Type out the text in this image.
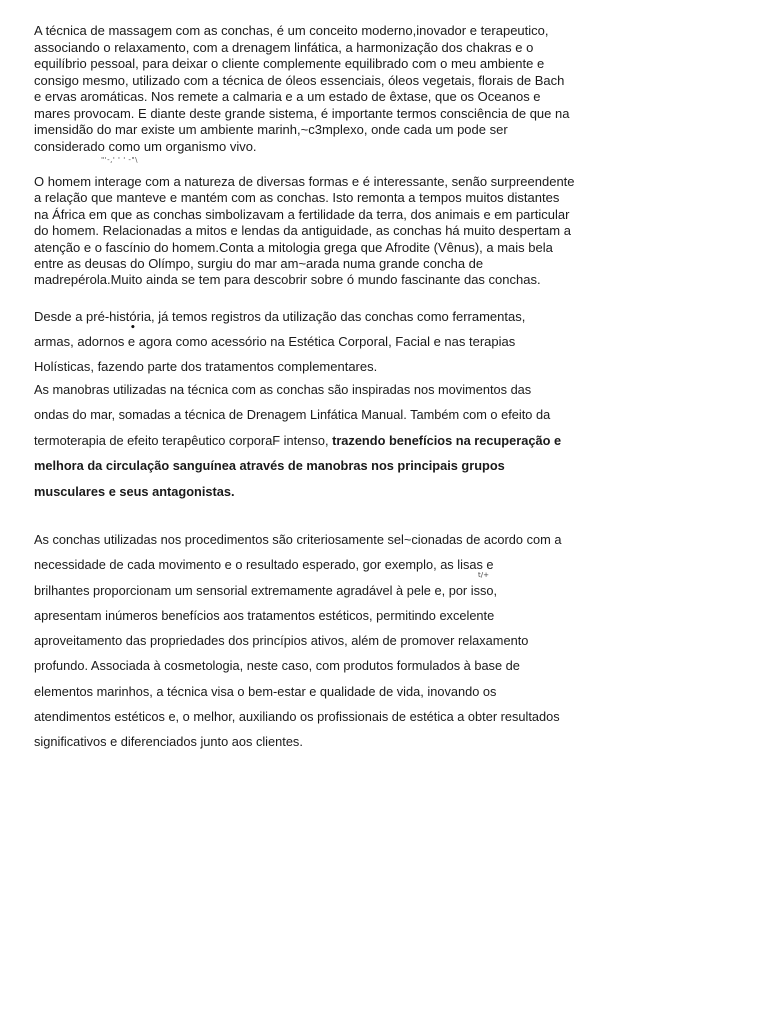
A técnica de massagem com as conchas, é um conceito moderno,inovador e terapeutico,
associando o relaxamento, com a drenagem linfática, a harmonização dos chakras e o
equilíbrio pessoal, para deixar o cliente complemente equilibrado com o meu ambiente e
consigo mesmo, utilizado com a técnica de óleos essenciais, óleos vegetais, florais de Bach
e ervas aromáticas. Nos remete a calmaria e a um estado de êxtase, que os Oceanos e
mares provocam. E diante deste grande sistema, é importante termos consciência de que na
imensidão do mar existe um ambiente marinh,~c3mplexo, onde cada um pode ser
considerado como um organismo vivo.

"'-,' ' ' -"\

O homem interage com a natureza de diversas formas e é interessante, senão surpreendente
a relação que manteve e mantém com as conchas. Isto remonta a tempos muitos distantes
na África em que as conchas simbolizavam a fertilidade da terra, dos animais e em particular
do homem. Relacionadas a mitos e lendas da antiguidade, as conchas há muito despertam a
atenção e o fascínio do homem.Conta a mitologia grega que Afrodite (Vênus), a mais bela
entre as deusas do Olímpo, surgiu do mar am~arada numa grande concha de
madrepérola.Muito ainda se tem para descobrir sobre ó mundo fascinante das conchas.

Desde a pré-história, já temos registros da utilização das conchas como ferramentas,
armas, adornos e agora como acessório na Estética Corporal, Facial e nas terapias
Holísticas, fazendo parte dos tratamentos complementares.

•

As manobras utilizadas na técnica com as conchas são inspiradas nos movimentos das
ondas do mar, somadas a técnica de Drenagem Linfática Manual. Também com o efeito da
termoterapia de efeito terapêutico corporaF intenso, trazendo benefícios na recuperação e
melhora da circulação sanguínea através de manobras nos principais grupos
musculares e seus antagonistas.

As conchas utilizadas nos procedimentos são criteriosamente sel~cionadas de acordo com a
necessidade de cada movimento e o resultado esperado, gor exemplo, as lisas e
brilhantes proporcionam um sensorial extremamente agradável à pele e, por isso,
apresentam inúmeros benefícios aos tratamentos estéticos, permitindo excelente
aproveitamento das propriedades dos princípios ativos, além de promover relaxamento
profundo. Associada à cosmetologia, neste caso, com produtos formulados à base de
elementos marinhos, a técnica visa o bem-estar e qualidade de vida, inovando os
atendimentos estéticos e, o melhor, auxiliando os profissionais de estética a obter resultados
significativos e diferenciados junto aos clientes.

t/+
